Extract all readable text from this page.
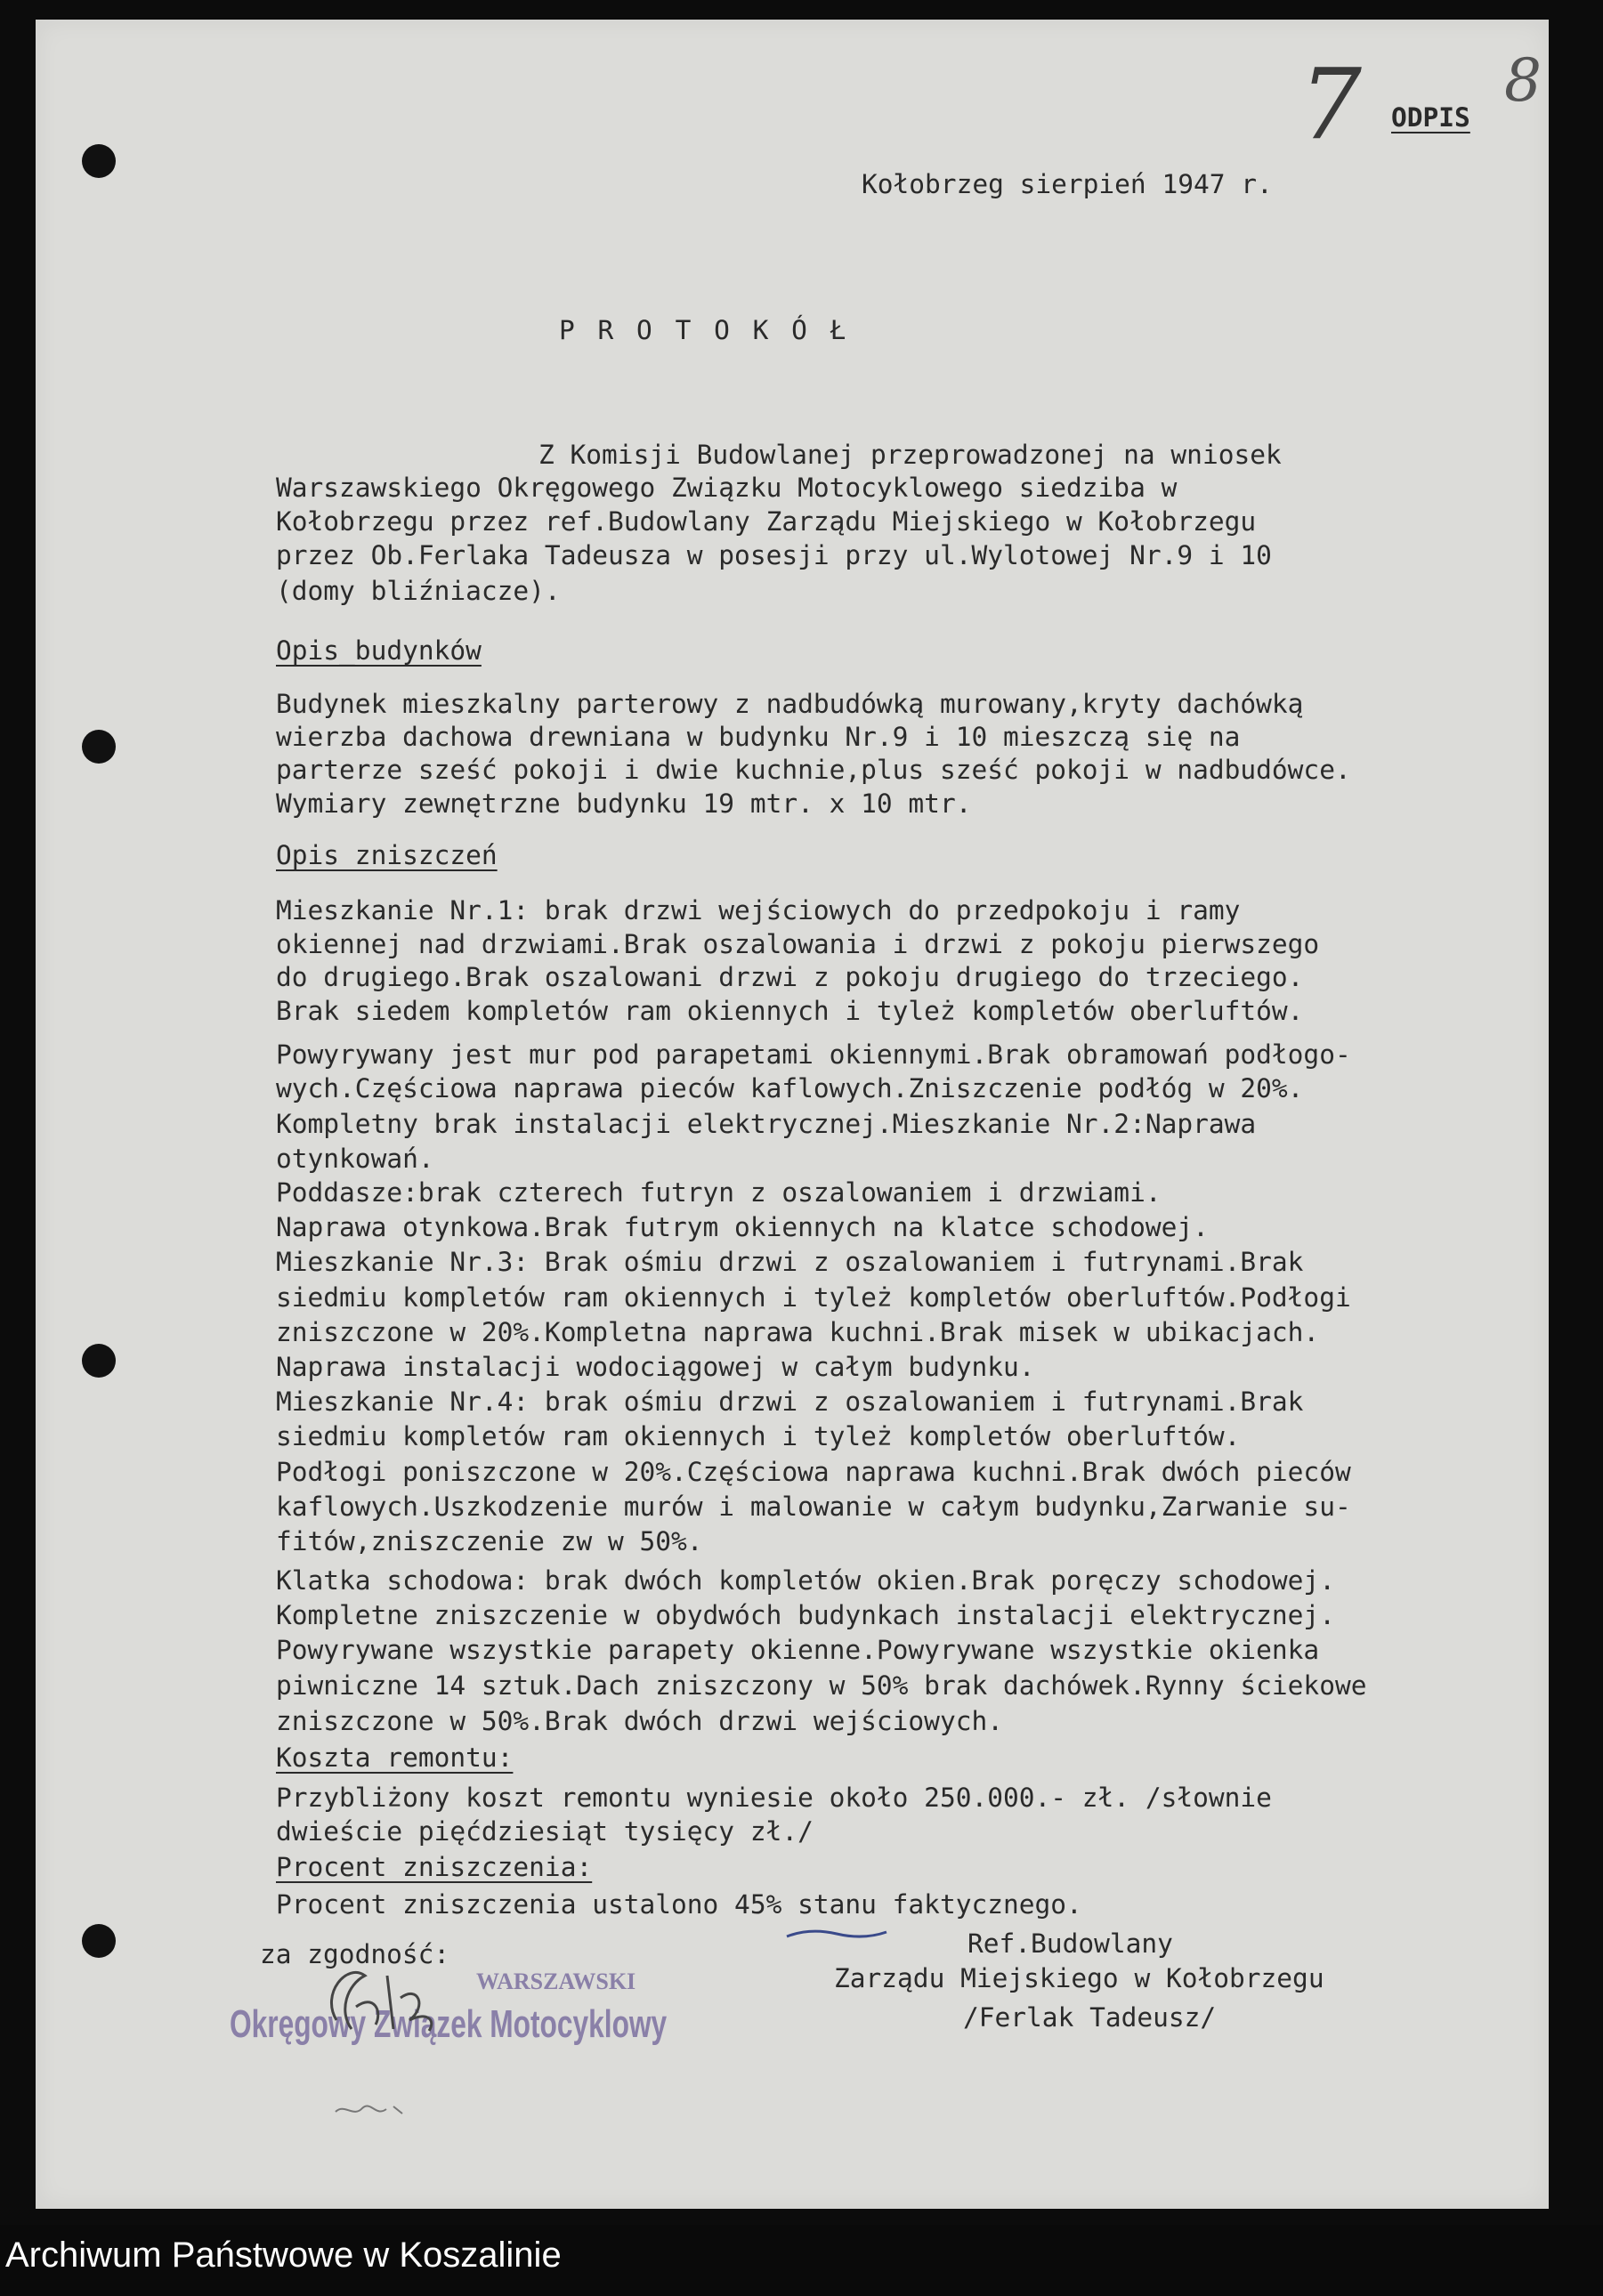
7 ODPIS
8
Kołobrzeg sierpień 1947 r.
P R O T O K Ó Ł
Z Komisji Budowlanej przeprowadzonej na wniosek
Warszawskiego Okręgowego Związku Motocyklowego siedziba w
Kołobrzegu przez ref.Budowlany Zarządu Miejskiego w Kołobrzegu
przez Ob.Ferlaka Tadeusza w posesji przy ul.Wylotowej Nr.9 i 10
(domy bliźniacze).
Opis_budynków
Budynek mieszkalny parterowy z nadbudówką murowany,kryty dachówką
wierzba dachowa drewniana w budynku Nr.9 i 10 mieszczą się na
parterze sześć pokoji i dwie kuchnie,plus sześć pokoji w nadbudówce.
Wymiary zewnętrzne budynku 19 mtr. x 10 mtr.
Opis zniszczeń
Mieszkanie Nr.1: brak drzwi wejściowych do przedpokoju i ramy
okiennej nad drzwiami.Brak oszalowania i drzwi z pokoju pierwszego
do drugiego.Brak oszalowani drzwi z pokoju drugiego do trzeciego.
Brak siedem kompletów ram okiennych i tyleż kompletów oberluftów.
Powyrywany jest mur pod parapetami okiennymi.Brak obramowań podłogo-
wych.Częściowa naprawa pieców kaflowych.Zniszczenie podłóg w 20%.
Kompletny brak instalacji elektrycznej.Mieszkanie Nr.2:Naprawa
otynkowań.
Poddasze:brak czterech futryn z oszalowaniem i drzwiami.
Naprawa otynkowa.Brak futrym okiennych na klatce schodowej.
Mieszkanie Nr.3: Brak ośmiu drzwi z oszalowaniem i futrynami.Brak
siedmiu kompletów ram okiennych i tyleż kompletów oberluftów.Podłogi
zniszczone w 20%.Kompletna naprawa kuchni.Brak misek w ubikacjach.
Naprawa instalacji wodociągowej w całym budynku.
Mieszkanie Nr.4: brak ośmiu drzwi z oszalowaniem i futrynami.Brak
siedmiu kompletów ram okiennych i tyleż kompletów oberluftów.
Podłogi poniszczone w 20%.Częściowa naprawa kuchni.Brak dwóch pieców
kaflowych.Uszkodzenie murów i malowanie w całym budynku,Zarwanie su-
fitów,zniszczenie zw w 50%.
Klatka schodowa: brak dwóch kompletów okien.Brak poręczy schodowej.
Kompletne zniszczenie w obydwóch budynkach instalacji elektrycznej.
Powyrywane wszystkie parapety okienne.Powyrywane wszystkie okienka
piwniczne 14 sztuk.Dach zniszczony w 50% brak dachówek.Rynny ściekowe
zniszczone w 50%.Brak dwóch drzwi wejściowych.
Koszta remontu:
Przybliżony koszt remontu wyniesie około 250.000.- zł. /słownie
dwieście pięćdziesiąt tysięcy zł./
Procent zniszczenia:
Procent zniszczenia ustalono 45% stanu faktycznego.
za zgodność:	Ref.Budowlany
Zarządu Miejskiego w Kołobrzegu
/Ferlak Tadeusz/
WARSZAWSKI
Okręgowy Związek Motocyklowy
Archiwum Państwowe w Koszalinie
